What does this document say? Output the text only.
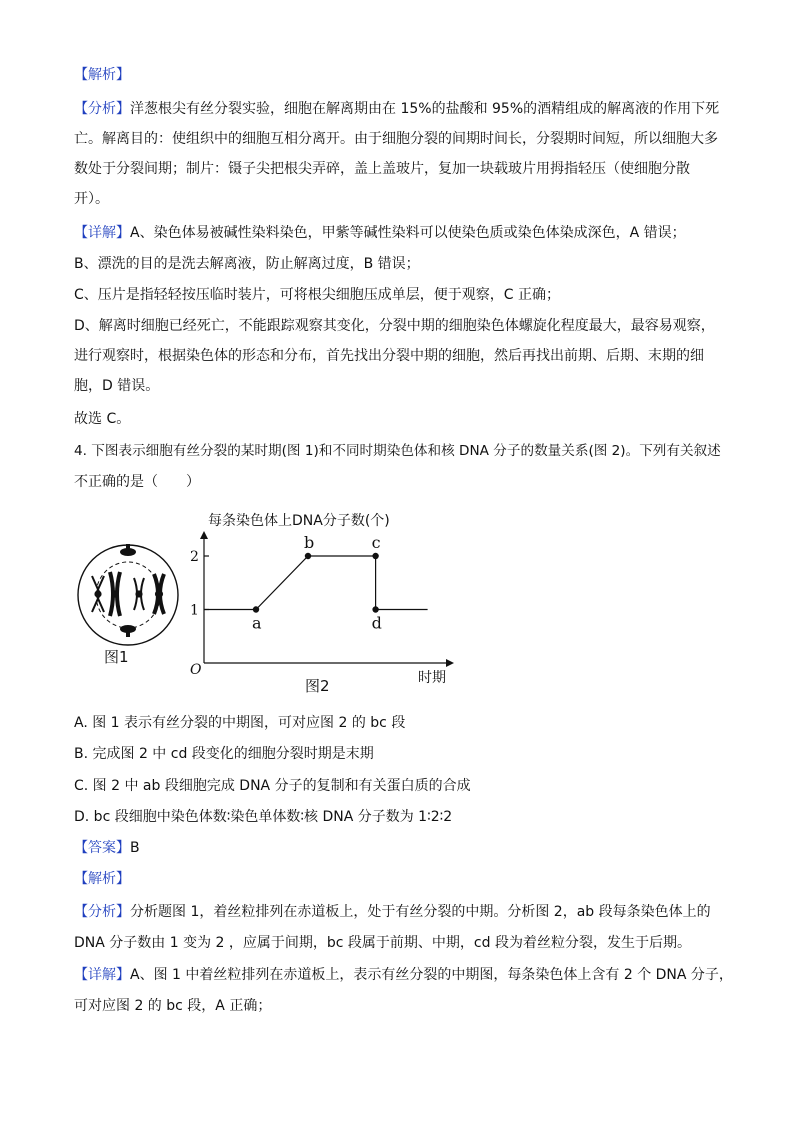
【解析】
【分析】洋葱根尖有丝分裂实验，细胞在解离期由在 15%的盐酸和 95%的酒精组成的解离液的作用下死
亡。解离目的：使组织中的细胞互相分离开。由于细胞分裂的间期时间长，分裂期时间短，所以细胞大多
数处于分裂间期；制片：镊子尖把根尖弄碎，盖上盖玻片，复加一块载玻片用拇指轻压（使细胞分散
开）。
【详解】A、染色体易被碱性染料染色，甲紫等碱性染料可以使染色质或染色体染成深色，A 错误；
B、漂洗的目的是洗去解离液，防止解离过度，B 错误；
C、压片是指轻轻按压临时装片，可将根尖细胞压成单层，便于观察，C 正确；
D、解离时细胞已经死亡，不能跟踪观察其变化，分裂中期的细胞染色体螺旋化程度最大，最容易观察，
进行观察时，根据染色体的形态和分布，首先找出分裂中期的细胞，然后再找出前期、后期、末期的细
胞，D 错误。
故选 C。
4. 下图表示细胞有丝分裂的某时期(图 1)和不同时期染色体和核 DNA 分子的数量关系(图 2)。下列有关叙述
不正确的是（　　）
图1
每条染色体上DNA分子数(个)
时期
O
图2
1
2
a
b	c
d
A. 图 1 表示有丝分裂的中期图，可对应图 2 的 bc 段
B. 完成图 2 中 cd 段变化的细胞分裂时期是末期
C. 图 2 中 ab 段细胞完成 DNA 分子的复制和有关蛋白质的合成
D. bc 段细胞中染色体数∶染色单体数∶核 DNA 分子数为 1∶2∶2
【答案】B
【解析】
【分析】分析题图 1，着丝粒排列在赤道板上，处于有丝分裂的中期。分析图 2，ab 段每条染色体上的
DNA 分子数由 1 变为 2 ，应属于间期，bc 段属于前期、中期，cd 段为着丝粒分裂，发生于后期。
【详解】A、图 1 中着丝粒排列在赤道板上，表示有丝分裂的中期图，每条染色体上含有 2 个 DNA 分子，
可对应图 2 的 bc 段，A 正确；
